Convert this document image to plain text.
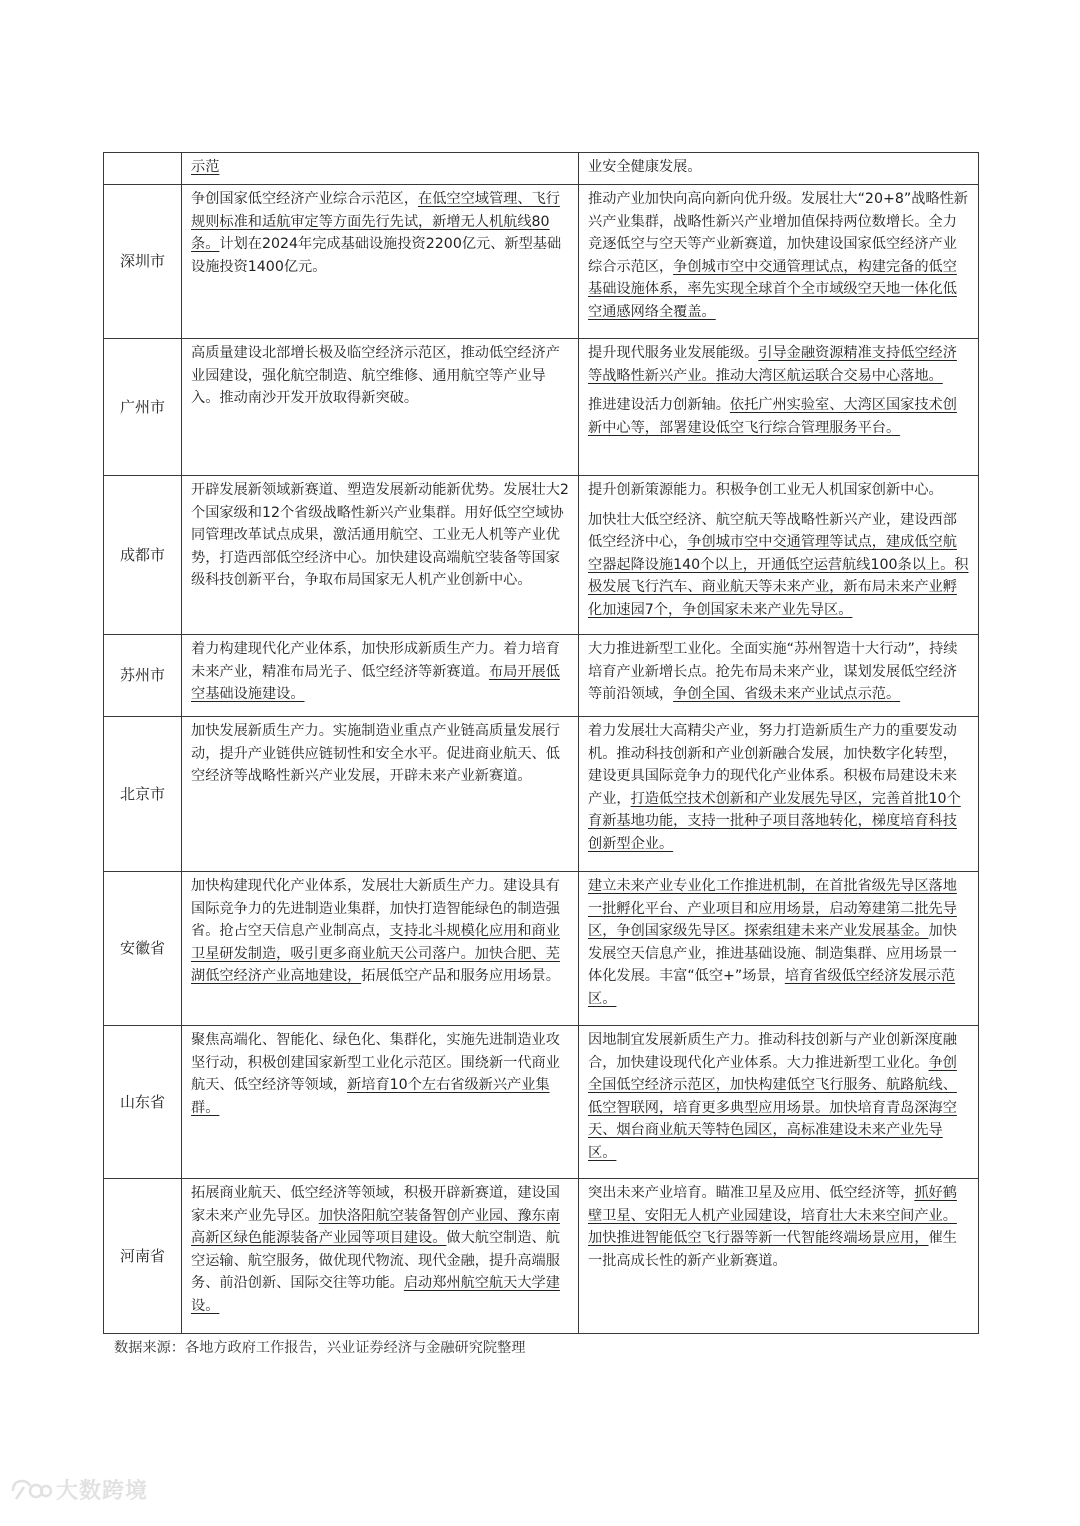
	示范	业安全健康发展。

深圳市	争创国家低空经济产业综合示范区，在低空空域管理、飞行规则标准和适航审定等方面先行先试，新增无人机航线80条。计划在2024年完成基础设施投资2200亿元、新型基础设施投资1400亿元。	推动产业加快向高向新向优升级。发展壮大“20+8”战略性新兴产业集群，战略性新兴产业增加值保持两位数增长。全力竞逐低空与空天等产业新赛道，加快建设国家低空经济产业综合示范区，争创城市空中交通管理试点，构建完备的低空基础设施体系，率先实现全球首个全市域级空天地一体化低空通感网络全覆盖。

广州市	高质量建设北部增长极及临空经济示范区，推动低空经济产业园建设，强化航空制造、航空维修、通用航空等产业导入。推动南沙开发开放取得新突破。	提升现代服务业发展能级。引导金融资源精准支持低空经济等战略性新兴产业。推动大湾区航运联合交易中心落地。
推进建设活力创新轴。依托广州实验室、大湾区国家技术创新中心等，部署建设低空飞行综合管理服务平台。

成都市	开辟发展新领域新赛道、塑造发展新动能新优势。发展壮大2个国家级和12个省级战略性新兴产业集群。用好低空空域协同管理改革试点成果，激活通用航空、工业无人机等产业优势，打造西部低空经济中心。加快建设高端航空装备等国家级科技创新平台，争取布局国家无人机产业创新中心。	提升创新策源能力。积极争创工业无人机国家创新中心。
加快壮大低空经济、航空航天等战略性新兴产业，建设西部低空经济中心，争创城市空中交通管理等试点，建成低空航空器起降设施140个以上，开通低空运营航线100条以上。积极发展飞行汽车、商业航天等未来产业，新布局未来产业孵化加速园7个，争创国家未来产业先导区。

苏州市	着力构建现代化产业体系，加快形成新质生产力。着力培育未来产业，精准布局光子、低空经济等新赛道。布局开展低空基础设施建设。	大力推进新型工业化。全面实施“苏州智造十大行动”，持续培育产业新增长点。抢先布局未来产业，谋划发展低空经济等前沿领域，争创全国、省级未来产业试点示范。

北京市	加快发展新质生产力。实施制造业重点产业链高质量发展行动，提升产业链供应链韧性和安全水平。促进商业航天、低空经济等战略性新兴产业发展，开辟未来产业新赛道。	着力发展壮大高精尖产业，努力打造新质生产力的重要发动机。推动科技创新和产业创新融合发展，加快数字化转型，建设更具国际竞争力的现代化产业体系。积极布局建设未来产业，打造低空技术创新和产业发展先导区，完善首批10个育新基地功能，支持一批种子项目落地转化，梯度培育科技创新型企业。

安徽省	加快构建现代化产业体系，发展壮大新质生产力。建设具有国际竞争力的先进制造业集群，加快打造智能绿色的制造强省。抢占空天信息产业制高点，支持北斗规模化应用和商业卫星研发制造，吸引更多商业航天公司落户。加快合肥、芜湖低空经济产业高地建设，拓展低空产品和服务应用场景。	建立未来产业专业化工作推进机制，在首批省级先导区落地一批孵化平台、产业项目和应用场景，启动筹建第二批先导区，争创国家级先导区。探索组建未来产业发展基金。加快发展空天信息产业，推进基础设施、制造集群、应用场景一体化发展。丰富“低空+”场景，培育省级低空经济发展示范区。

山东省	聚焦高端化、智能化、绿色化、集群化，实施先进制造业攻坚行动，积极创建国家新型工业化示范区。围绕新一代商业航天、低空经济等领域，新培育10个左右省级新兴产业集群。	因地制宜发展新质生产力。推动科技创新与产业创新深度融合，加快建设现代化产业体系。大力推进新型工业化。争创全国低空经济示范区，加快构建低空飞行服务、航路航线、低空智联网，培育更多典型应用场景。加快培育青岛深海空天、烟台商业航天等特色园区，高标准建设未来产业先导区。

河南省	拓展商业航天、低空经济等领域，积极开辟新赛道，建设国家未来产业先导区。加快洛阳航空装备智创产业园、豫东南高新区绿色能源装备产业园等项目建设。做大航空制造、航空运输、航空服务，做优现代物流、现代金融，提升高端服务、前沿创新、国际交往等功能。启动郑州航空航天大学建设。	突出未来产业培育。瞄准卫星及应用、低空经济等，抓好鹤壁卫星、安阳无人机产业园建设，培育壮大未来空间产业。加快推进智能低空飞行器等新一代智能终端场景应用，催生一批高成长性的新产业新赛道。
数据来源：各地方政府工作报告，兴业证券经济与金融研究院整理
大数跨境
